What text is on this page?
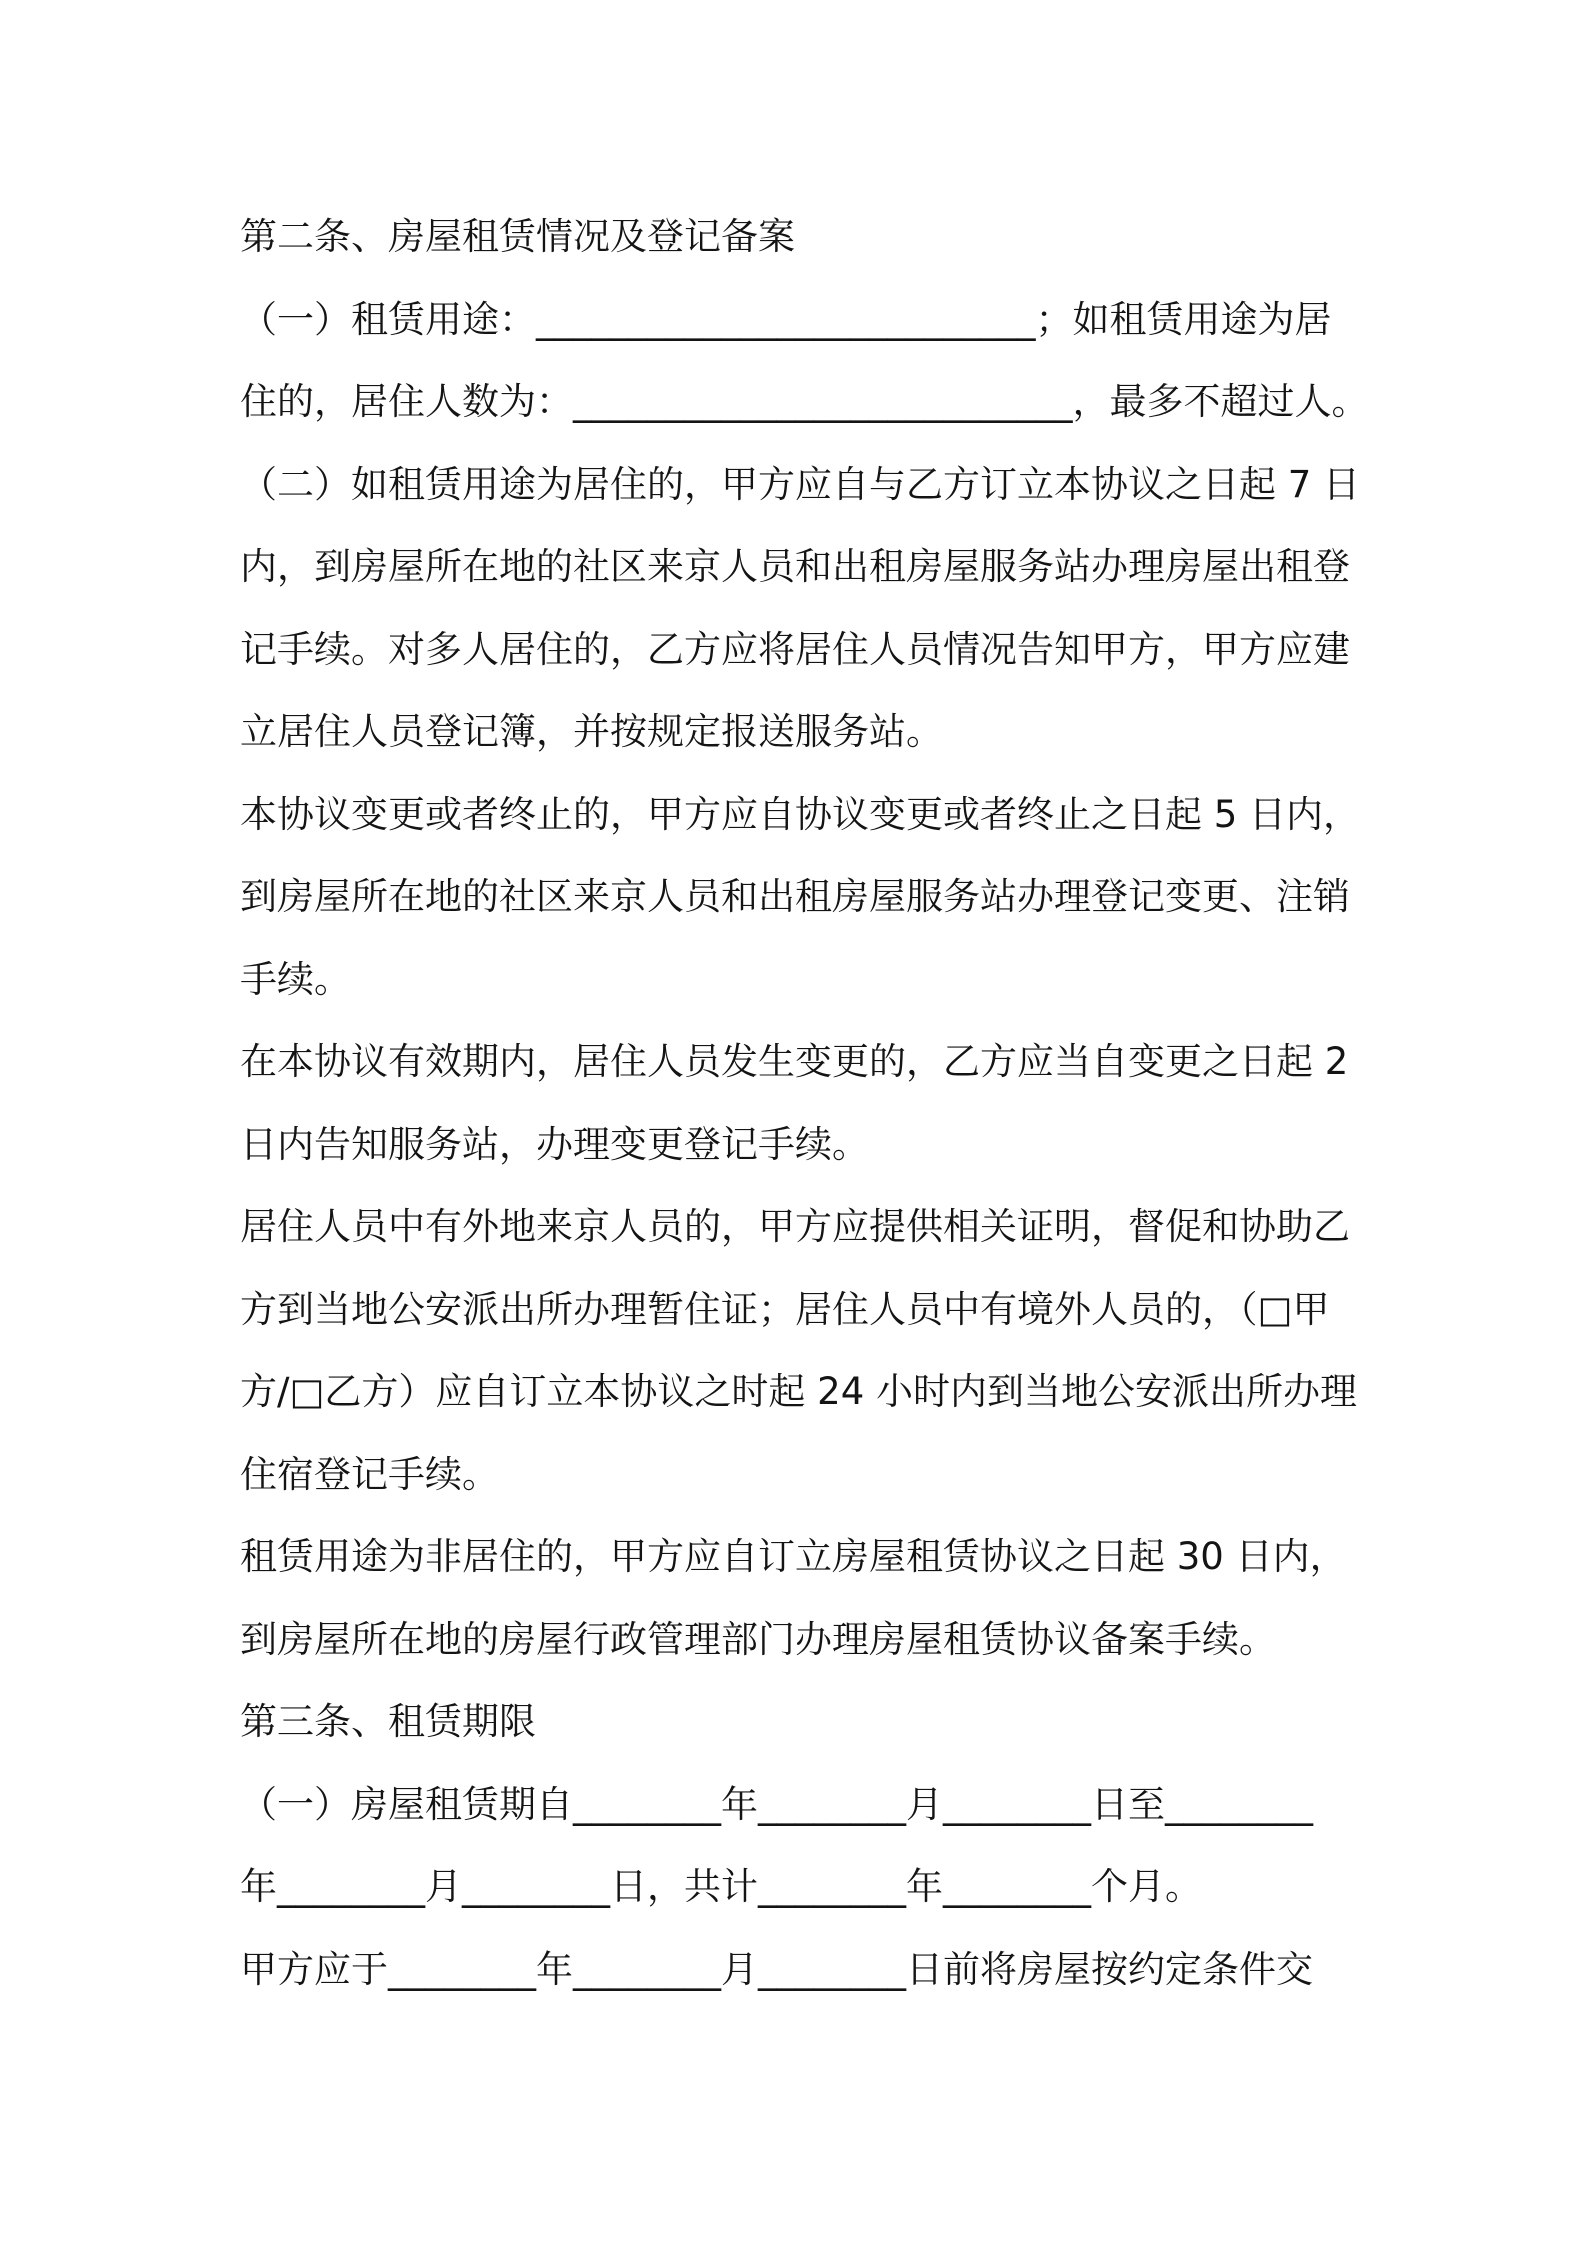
第二条、房屋租赁情况及登记备案
（一）租赁用途：___________________________；如租赁用途为居
住的，居住人数为：___________________________，最多不超过人。
（二）如租赁用途为居住的，甲方应自与乙方订立本协议之日起 7 日
内，到房屋所在地的社区来京人员和出租房屋服务站办理房屋出租登
记手续。对多人居住的，乙方应将居住人员情况告知甲方，甲方应建
立居住人员登记簿，并按规定报送服务站。
本协议变更或者终止的，甲方应自协议变更或者终止之日起 5 日内，
到房屋所在地的社区来京人员和出租房屋服务站办理登记变更、注销
手续。
在本协议有效期内，居住人员发生变更的，乙方应当自变更之日起 2
日内告知服务站，办理变更登记手续。
居住人员中有外地来京人员的，甲方应提供相关证明，督促和协助乙
方到当地公安派出所办理暂住证；居住人员中有境外人员的，（□甲
方/□乙方）应自订立本协议之时起 24 小时内到当地公安派出所办理
住宿登记手续。
租赁用途为非居住的，甲方应自订立房屋租赁协议之日起 30 日内，
到房屋所在地的房屋行政管理部门办理房屋租赁协议备案手续。
第三条、租赁期限
（一）房屋租赁期自________年________月________日至________
年________月________日，共计________年________个月。
甲方应于________年________月________日前将房屋按约定条件交
